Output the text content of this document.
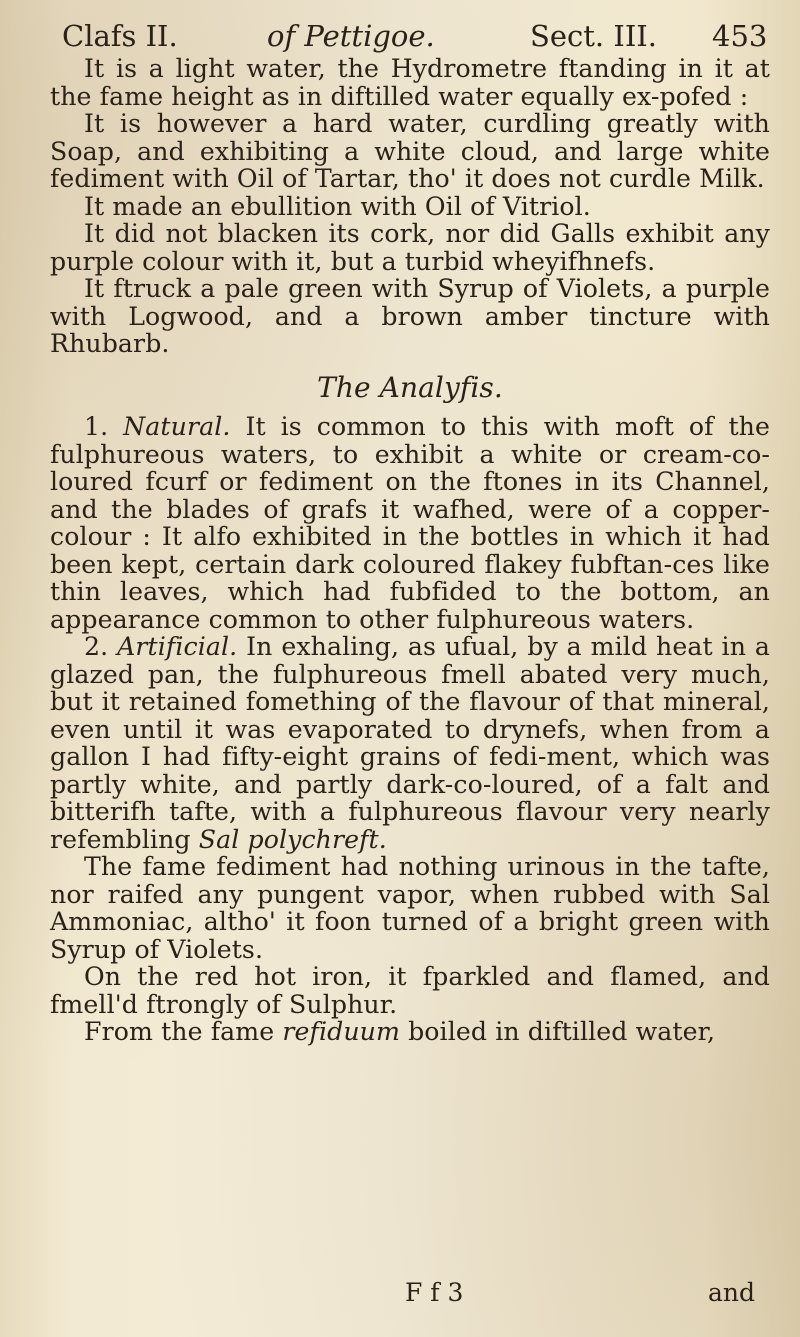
Clafs II.	of Pettigoe.	Sect. III. 453

It is a light water, the Hydrometre ftanding in it at the fame height as in diftilled water equally ex-pofed :

It is however a hard water, curdling greatly with Soap, and exhibiting a white cloud, and large white fediment with Oil of Tartar, tho' it does not curdle Milk.

It made an ebullition with Oil of Vitriol.

It did not blacken its cork, nor did Galls exhibit any purple colour with it, but a turbid wheyifhnefs.

It ftruck a pale green with Syrup of Violets, a purple with Logwood, and a brown amber tincture with Rhubarb.

The Analyfis.

1. Natural. It is common to this with moft of the fulphureous waters, to exhibit a white or cream-co-loured fcurf or fediment on the ftones in its Channel, and the blades of grafs it wafhed, were of a copper-colour : It alfo exhibited in the bottles in which it had been kept, certain dark coloured flakey fubftan-ces like thin leaves, which had fubfided to the bottom, an appearance common to other fulphureous waters.

2. Artificial. In exhaling, as ufual, by a mild heat in a glazed pan, the fulphureous fmell abated very much, but it retained fomething of the flavour of that mineral, even until it was evaporated to drynefs, when from a gallon I had fifty-eight grains of fedi-ment, which was partly white, and partly dark-co-loured, of a falt and bitterifh tafte, with a fulphureous flavour very nearly refembling Sal polychreft.

The fame fediment had nothing urinous in the tafte, nor raifed any pungent vapor, when rubbed with Sal Ammoniac, altho' it foon turned of a bright green with Syrup of Violets.

On the red hot iron, it fparkled and flamed, and fmell'd ftrongly of Sulphur.

From the fame refiduum boiled in diftilled water,

F f 3	and
